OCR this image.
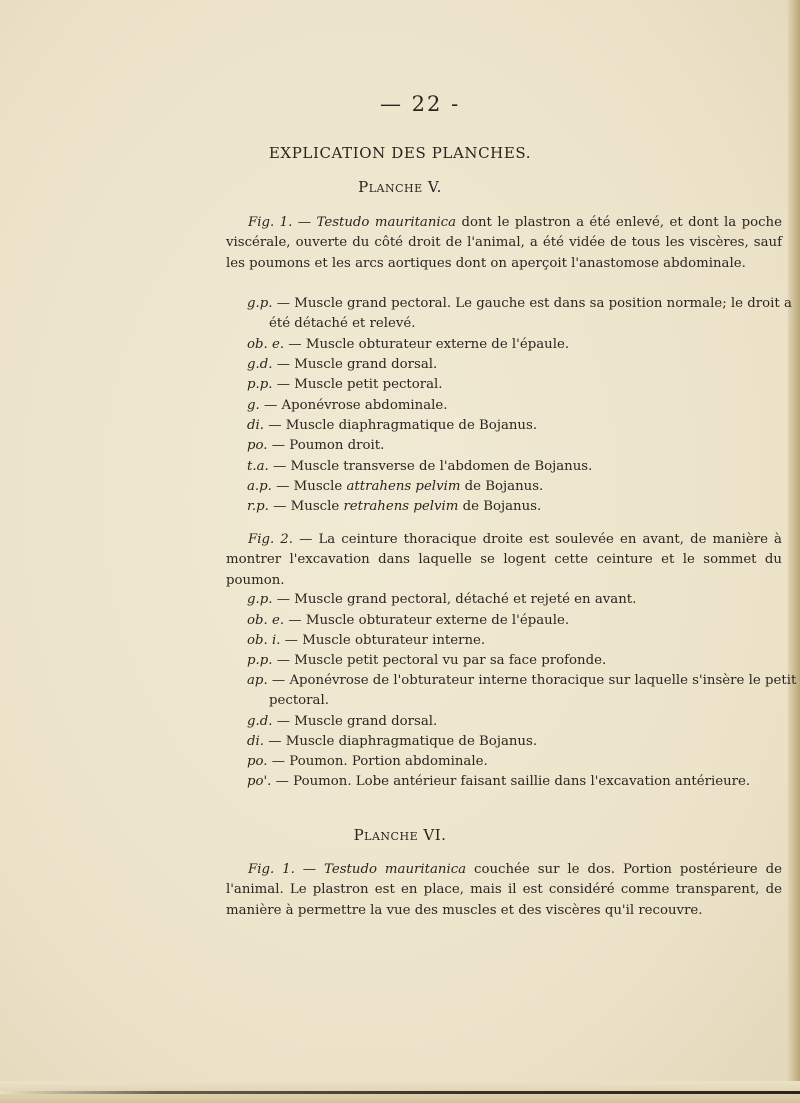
— 22 -
EXPLICATION DES PLANCHES.
Planche V.

Fig. 1. — Testudo mauritanica dont le plastron a été enlevé, et dont la poche viscérale, ouverte du côté droit de l'animal, a été vidée de tous les viscères, sauf les poumons et les arcs aortiques dont on aperçoit l'anastomose abdominale.

g.p. — Muscle grand pectoral. Le gauche est dans sa position normale; le droit a été détaché et relevé.

ob. e. — Muscle obturateur externe de l'épaule.

g.d. — Muscle grand dorsal.

p.p. — Muscle petit pectoral.

g. — Aponévrose abdominale.

di. — Muscle diaphragmatique de Bojanus.

po. — Poumon droit.

t.a. — Muscle transverse de l'abdomen de Bojanus.

a.p. — Muscle attrahens pelvim de Bojanus.

r.p. — Muscle retrahens pelvim de Bojanus.

Fig. 2. — La ceinture thoracique droite est soulevée en avant, de manière à montrer l'excavation dans laquelle se logent cette ceinture et le sommet du poumon.

g.p. — Muscle grand pectoral, détaché et rejeté en avant.

ob. e. — Muscle obturateur externe de l'épaule.

ob. i. — Muscle obturateur interne.

p.p. — Muscle petit pectoral vu par sa face profonde.

ap. — Aponévrose de l'obturateur interne thoracique sur laquelle s'insère le petit pectoral.

g.d. — Muscle grand dorsal.

di. — Muscle diaphragmatique de Bojanus.

po. — Poumon. Portion abdominale.

po'. — Poumon. Lobe antérieur faisant saillie dans l'excavation antérieure.

Planche VI.

Fig. 1. — Testudo mauritanica couchée sur le dos. Portion postérieure de l'animal. Le plastron est en place, mais il est considéré comme transparent, de manière à permettre la vue des muscles et des viscères qu'il recouvre.
